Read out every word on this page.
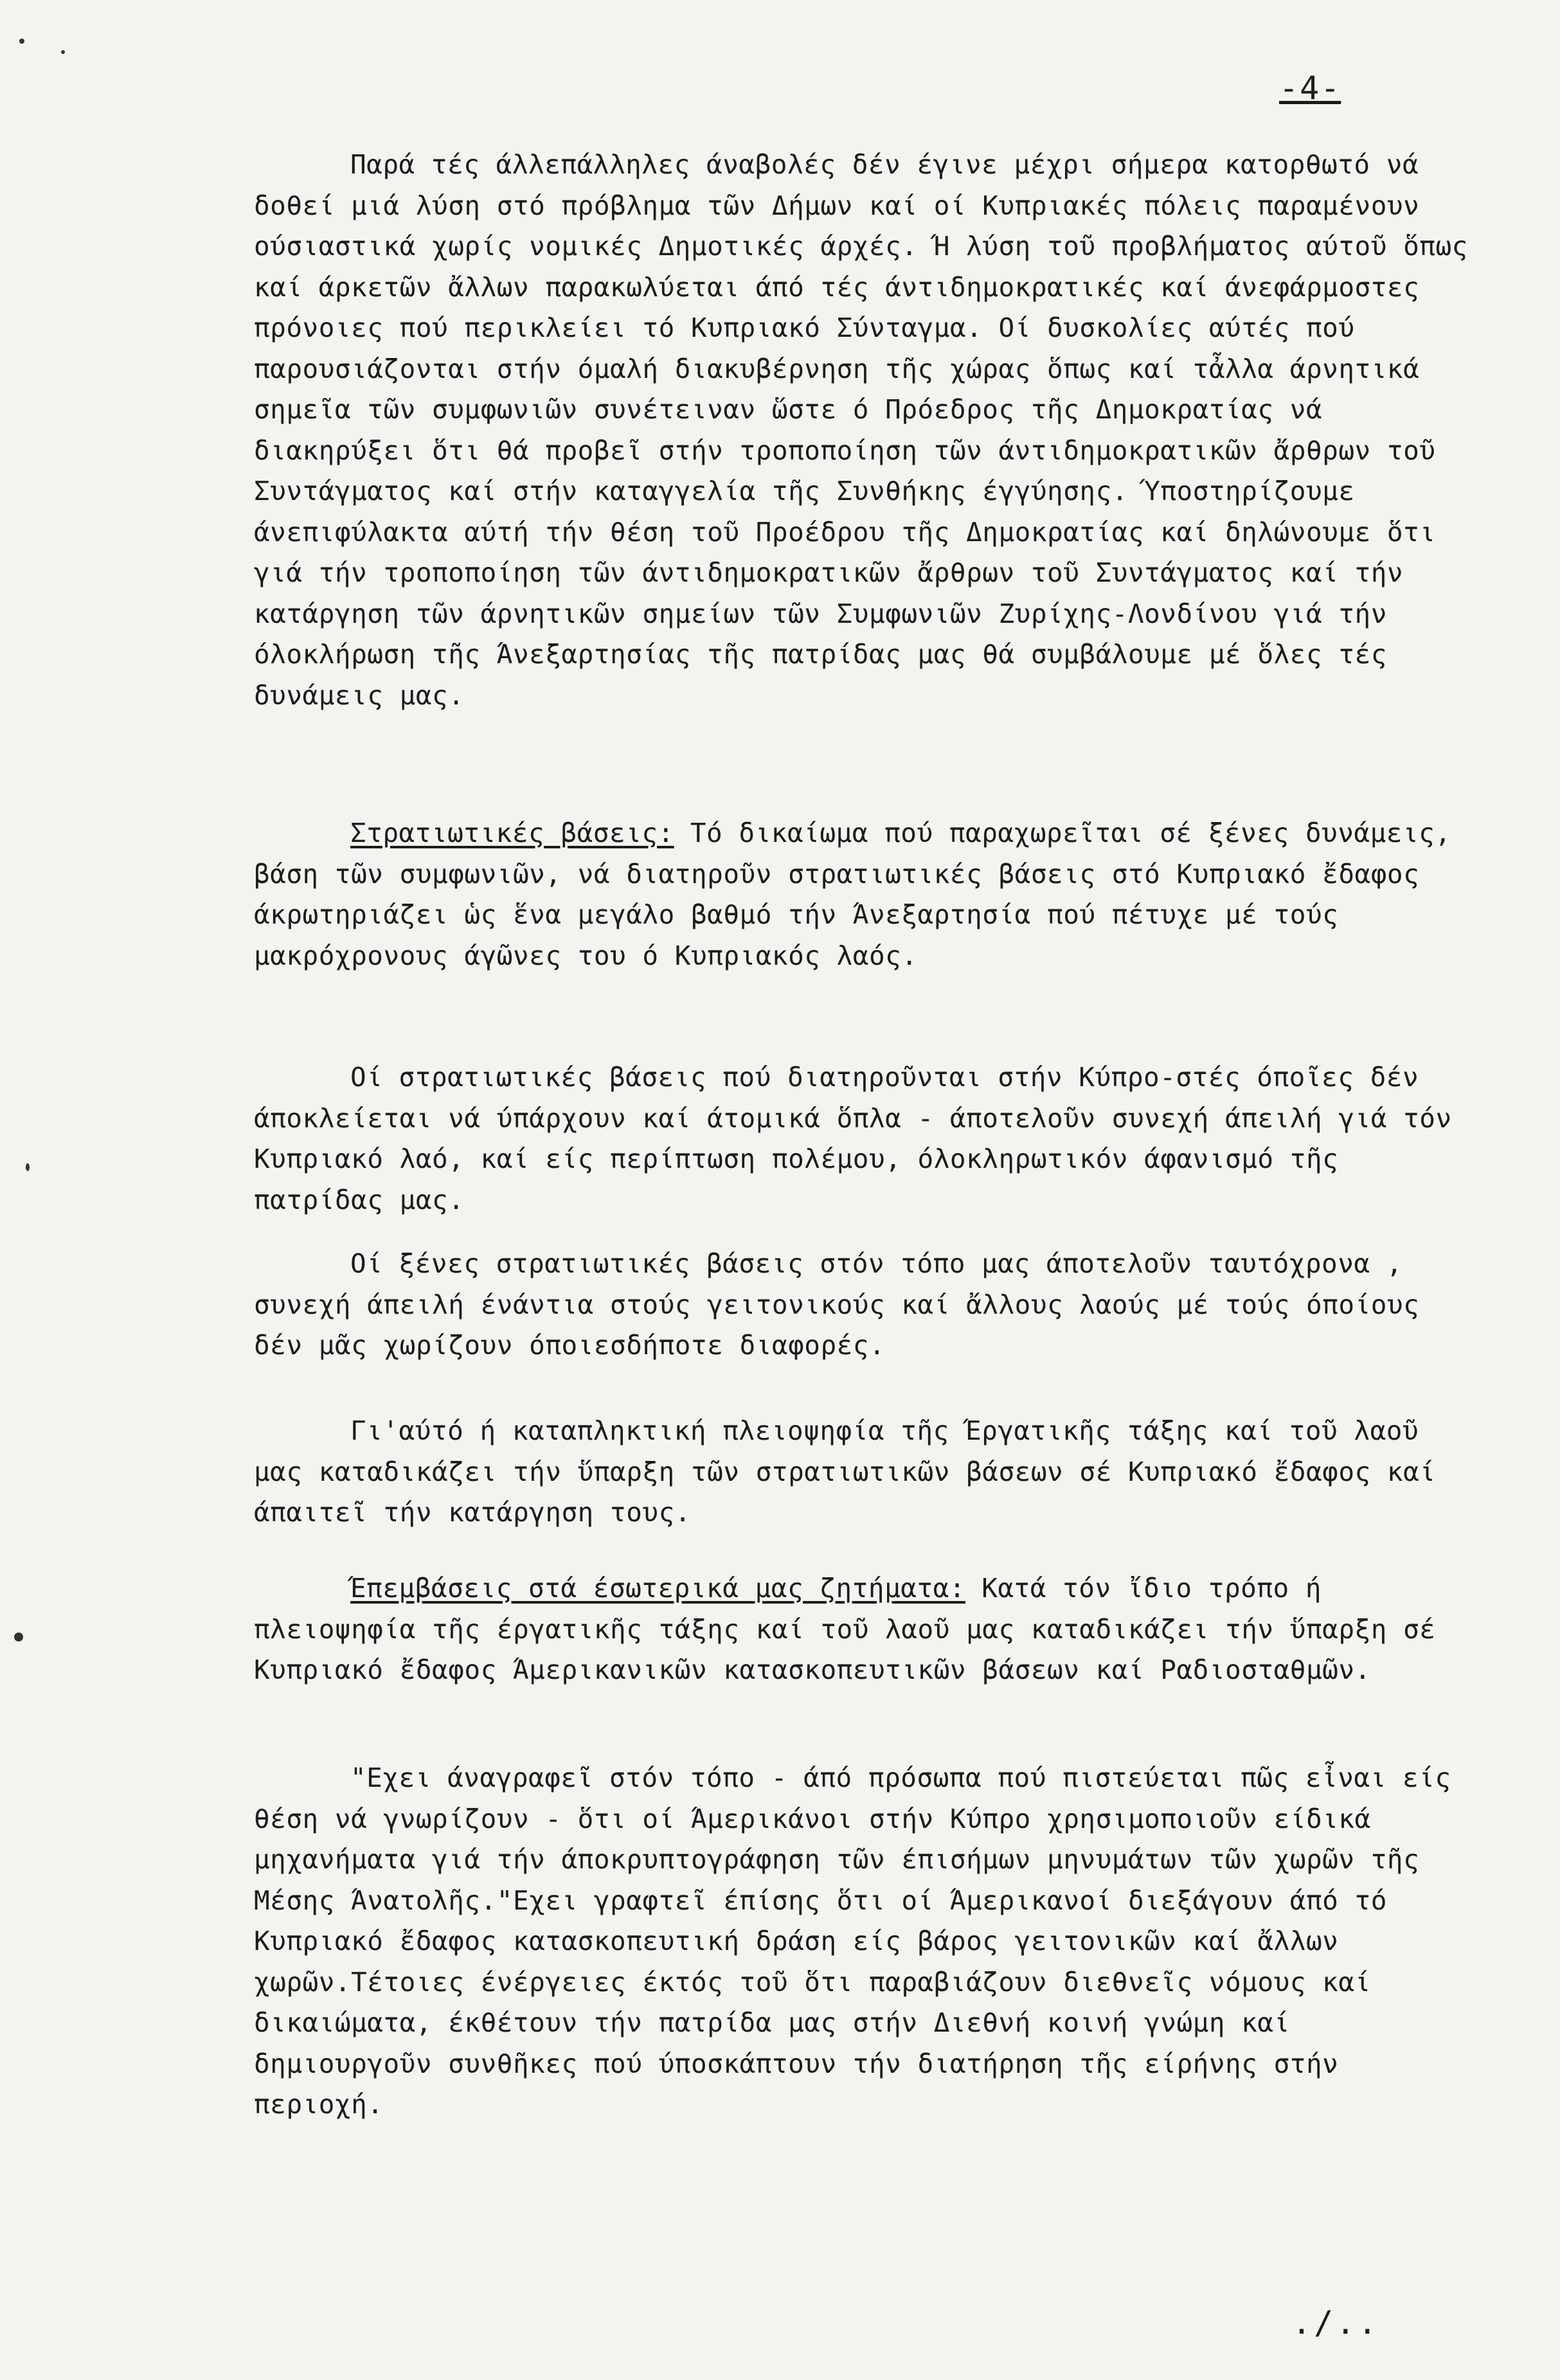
-4-

Παρά τές άλλεπάλληλες άναβολές δέν έγινε μέχρι σήμερα κατορθωτό νά δοθεί μιά λύση στό πρόβλημα τῶν Δήμων καί οί Κυπριακές πόλεις παραμένουν ούσιαστικά χωρίς νομικές Δημοτικές άρχές. Ή λύση τοῦ προβλήματος αύτοῦ ὅπως καί άρκετῶν ἄλλων παρακωλύεται άπό τές άντιδημοκρατικές καί άνεφάρμοστες πρόνοιες πού περικλείει τό Κυπριακό Σύνταγμα. Οί δυσκολίες αύτές πού παρουσιάζονται στήν όμαλή διακυβέρνηση τῆς χώρας ὅπως καί τἆλλα άρνητικά σημεῖα τῶν συμφωνιῶν συνέτειναν ὥστε ό Πρόεδρος τῆς Δημοκρατίας νά διακηρύξει ὅτι θά προβεῖ στήν τροποποίηση τῶν άντιδημοκρατικῶν ἄρθρων τοῦ Συντάγματος καί στήν καταγγελία τῆς Συνθήκης έγγύησης. Ύποστηρίζουμε άνεπιφύλακτα αύτή τήν θέση τοῦ Προέδρου τῆς Δημοκρατίας καί δηλώνουμε ὅτι γιά τήν τροποποίηση τῶν άντιδημοκρατικῶν ἄρθρων τοῦ Συντάγματος καί τήν κατάργηση τῶν άρνητικῶν σημείων τῶν Συμφωνιῶν Ζυρίχης-Λονδίνου γιά τήν όλοκλήρωση τῆς Άνεξαρτησίας τῆς πατρίδας μας θά συμβάλουμε μέ ὅλες τές δυνάμεις μας.

Στρατιωτικές βάσεις: Τό δικαίωμα πού παραχωρεῖται σέ ξένες δυνάμεις, βάση τῶν συμφωνιῶν, νά διατηροῦν στρατιωτικές βάσεις στό Κυπριακό ἔδαφος άκρωτηριάζει ὡς ἕνα μεγάλο βαθμό τήν Άνεξαρτησία πού πέτυχε μέ τούς μακρόχρονους άγῶνες του ό Κυπριακός λαός.

Οί στρατιωτικές βάσεις πού διατηροῦνται στήν Κύπρο-στές όποῖες δέν άποκλείεται νά ύπάρχουν καί άτομικά ὅπλα - άποτελοῦν συνεχή άπειλή γιά τόν Κυπριακό λαό, καί είς περίπτωση πολέμου, όλοκληρωτικόν άφανισμό τῆς πατρίδας μας.

Οί ξένες στρατιωτικές βάσεις στόν τόπο μας άποτελοῦν ταυτόχρονα , συνεχή άπειλή ένάντια στούς γειτονικούς καί ἄλλους λαούς μέ τούς όποίους δέν μᾶς χωρίζουν όποιεσδήποτε διαφορές.

Γι'αύτό ή καταπληκτική πλειοψηφία τῆς Έργατικῆς τάξης καί τοῦ λαοῦ μας καταδικάζει τήν ὕπαρξη τῶν στρατιωτικῶν βάσεων σέ Κυπριακό ἔδαφος καί άπαιτεῖ τήν κατάργηση τους.

Έπεμβάσεις στά έσωτερικά μας ζητήματα: Κατά τόν ἴδιο τρόπο ή πλειοψηφία τῆς έργατικῆς τάξης καί τοῦ λαοῦ μας καταδικάζει τήν ὕπαρξη σέ Κυπριακό ἔδαφος Άμερικανικῶν κατασκοπευτικῶν βάσεων καί Ραδιοσταθμῶν.

"Εχει άναγραφεῖ στόν τόπο - άπό πρόσωπα πού πιστεύεται πῶς εἶναι είς θέση νά γνωρίζουν - ὅτι οί Άμερικάνοι στήν Κύπρο χρησιμοποιοῦν είδικά μηχανήματα γιά τήν άποκρυπτογράφηση τῶν έπισήμων μηνυμάτων τῶν χωρῶν τῆς Μέσης Άνατολῆς."Εχει γραφτεῖ έπίσης ὅτι οί Άμερικανοί διεξάγουν άπό τό Κυπριακό ἔδαφος κατασκοπευτική δράση είς βάρος γειτονικῶν καί ἄλλων χωρῶν.Τέτοιες ένέργειες έκτός τοῦ ὅτι παραβιάζουν διεθνεῖς νόμους καί δικαιώματα, έκθέτουν τήν πατρίδα μας στήν Διεθνή κοινή γνώμη καί δημιουργοῦν συνθῆκες πού ύποσκάπτουν τήν διατήρηση τῆς είρήνης στήν περιοχή.

./..
